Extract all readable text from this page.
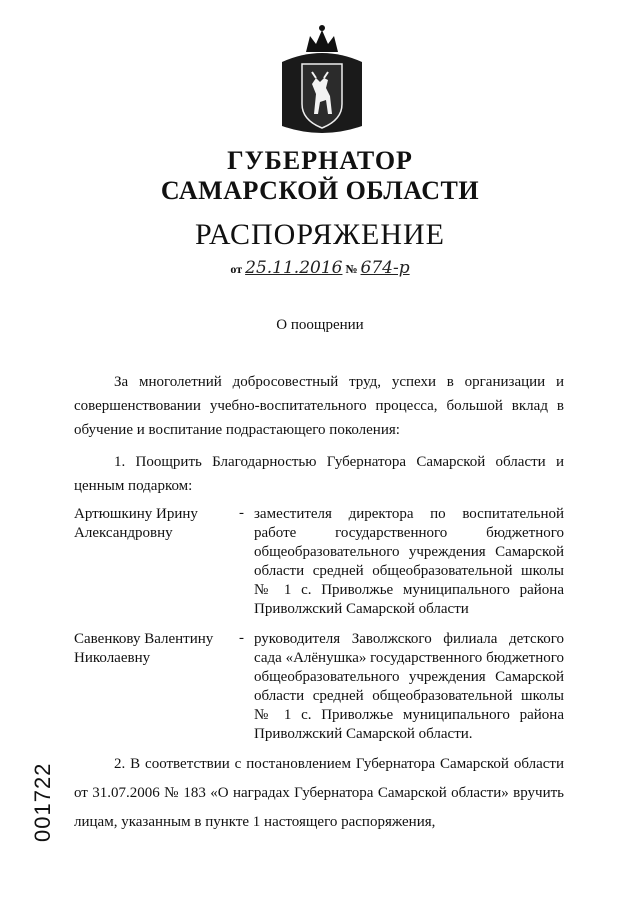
ГУБЕРНАТОР
САМАРСКОЙ ОБЛАСТИ
РАСПОРЯЖЕНИЕ
от 25.11.2016 № 674-р
О поощрении
За многолетний добросовестный труд, успехи в организации и совершенствовании учебно-воспитательного процесса, большой вклад в обучение и воспитание подрастающего поколения:
1. Поощрить Благодарностью Губернатора Самарской области и ценным подарком:
Артюшкину Ирину Александровну
- заместителя директора по воспитательной работе государственного бюджетного общеобразовательного учреждения Самарской области средней общеобразовательной школы № 1 с. Приволжье муниципального района Приволжский Самарской области
Савенкову Валентину Николаевну
- руководителя Заволжского филиала детского сада «Алёнушка» государственного бюджетного общеобразовательного учреждения Самарской области средней общеобразовательной школы № 1 с. Приволжье муниципального района Приволжский Самарской области.
2. В соответствии с постановлением Губернатора Самарской области от 31.07.2006 № 183 «О наградах Губернатора Самарской области» вручить лицам, указанным в пункте 1 настоящего распоряжения,
001722
